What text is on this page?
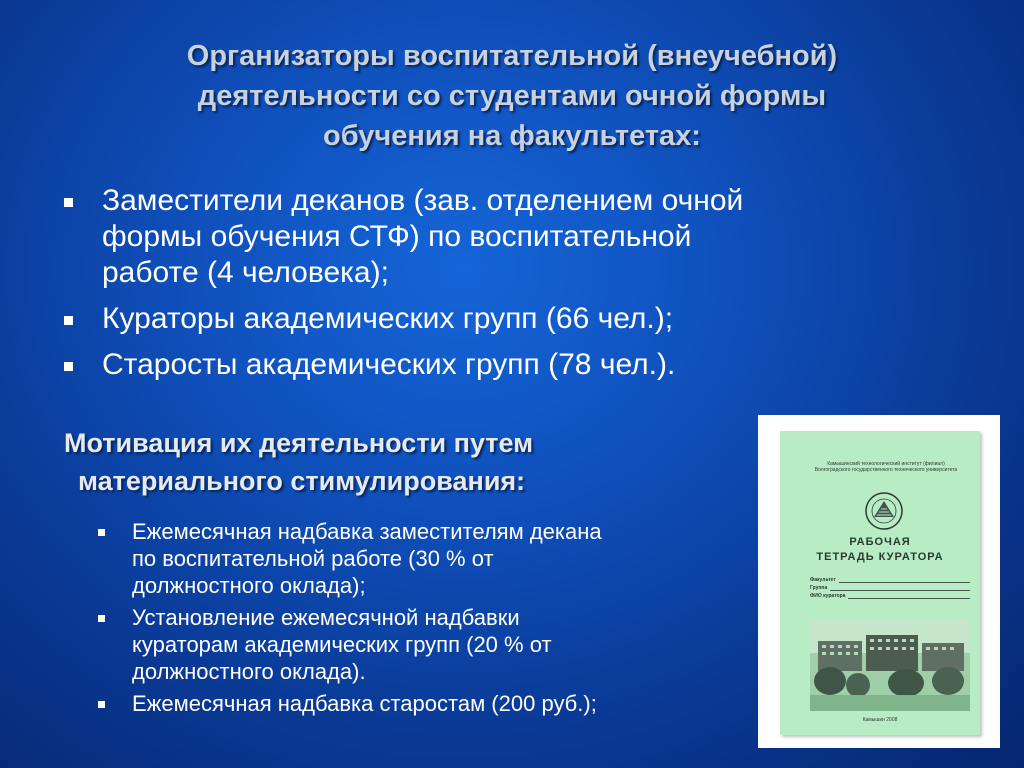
Организаторы воспитательной (внеучебной)
деятельности со студентами очной формы
обучения на факультетах:
Заместители деканов (зав. отделением очной
формы обучения СТФ) по воспитательной
работе (4 человека);
Кураторы академических групп (66 чел.);
Старосты академических групп (78 чел.).
Мотивация их деятельности путем
материального стимулирования:
Ежемесячная надбавка заместителям декана
по воспитательной работе (30 % от
должностного оклада);
Установление ежемесячной надбавки
кураторам академических групп (20 % от
должностного оклада).
Ежемесячная надбавка старостам (200 руб.);
Камышинский технологический институт (филиал)
Волгоградского государственного технического университета
РАБОЧАЯ
ТЕТРАДЬ КУРАТОРА
Факультет
Группа
ФИО куратора
Камышин 2008
